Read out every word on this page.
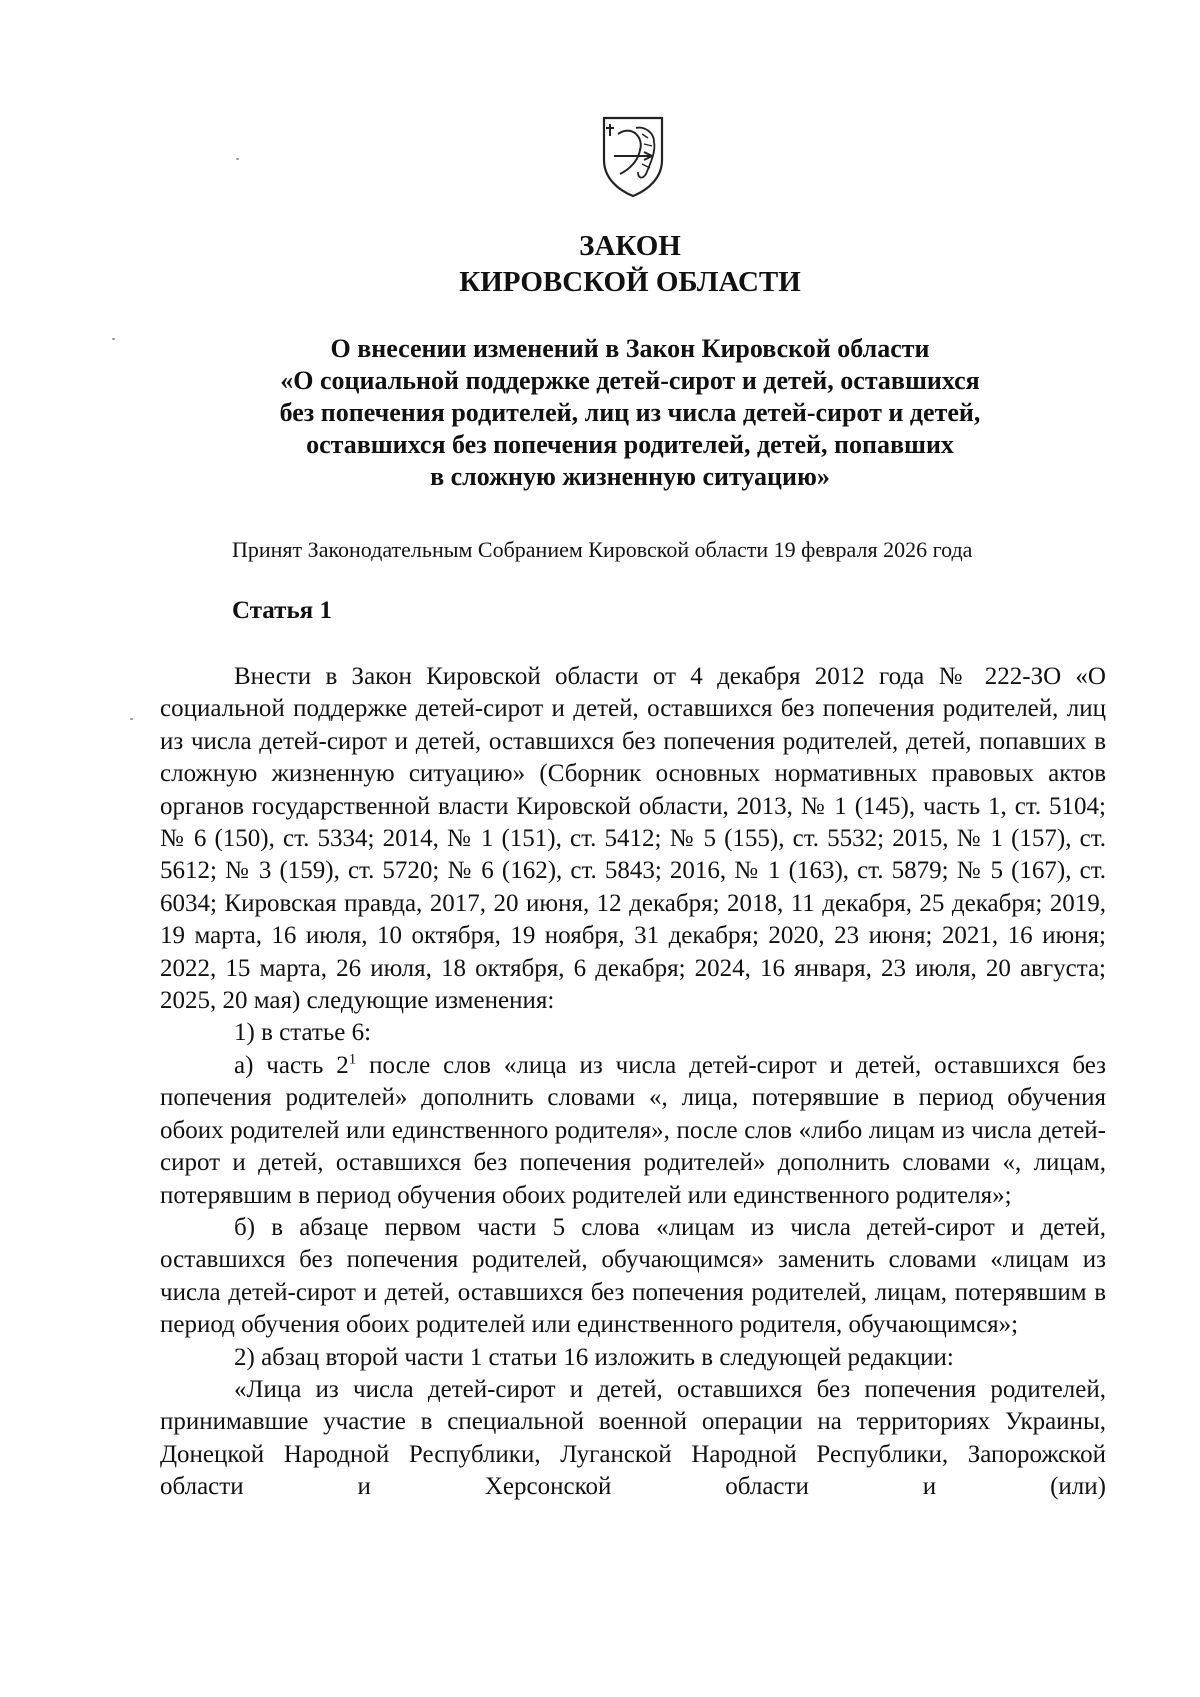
ЗАКОН
КИРОВСКОЙ ОБЛАСТИ
О внесении изменений в Закон Кировской области
«О социальной поддержке детей-сирот и детей, оставшихся
без попечения родителей, лиц из числа детей-сирот и детей,
оставшихся без попечения родителей, детей, попавших
в сложную жизненную ситуацию»
Принят Законодательным Собранием Кировской области 19 февраля 2026 года
Статья 1

Внести в Закон Кировской области от 4 декабря 2012 года № 222-ЗО «О социальной поддержке детей-сирот и детей, оставшихся без попечения родителей, лиц из числа детей-сирот и детей, оставшихся без попечения родителей, детей, попавших в сложную жизненную ситуацию» (Сборник основных нормативных правовых актов органов государственной власти Кировской области, 2013, № 1 (145), часть 1, ст. 5104; № 6 (150), ст. 5334; 2014, № 1 (151), ст. 5412; № 5 (155), ст. 5532; 2015, № 1 (157), ст. 5612; № 3 (159), ст. 5720; № 6 (162), ст. 5843; 2016, № 1 (163), ст. 5879; № 5 (167), ст. 6034; Кировская правда, 2017, 20 июня, 12 декабря; 2018, 11 декабря, 25 декабря; 2019, 19 марта, 16 июля, 10 октября, 19 ноября, 31 декабря; 2020, 23 июня; 2021, 16 июня; 2022, 15 марта, 26 июля, 18 октября, 6 декабря; 2024, 16 января, 23 июля, 20 августа; 2025, 20 мая) следующие изменения:

1) в статье 6:

а) часть $2^1$ после слов «лица из числа детей-сирот и детей, оставшихся без попечения родителей» дополнить словами «, лица, потерявшие в период обучения обоих родителей или единственного родителя», после слов «либо лицам из числа детей-сирот и детей, оставшихся без попечения родителей» дополнить словами «, лицам, потерявшим в период обучения обоих родителей или единственного родителя»;

б) в абзаце первом части 5 слова «лицам из числа детей-сирот и детей, оставшихся без попечения родителей, обучающимся» заменить словами «лицам из числа детей-сирот и детей, оставшихся без попечения родителей, лицам, потерявшим в период обучения обоих родителей или единственного родителя, обучающимся»;

2) абзац второй части 1 статьи 16 изложить в следующей редакции:

«Лица из числа детей-сирот и детей, оставшихся без попечения родителей, принимавшие участие в специальной военной операции на территориях Украины, Донецкой Народной Республики, Луганской Народной Республики, Запорожской области и Херсонской области и (или)
